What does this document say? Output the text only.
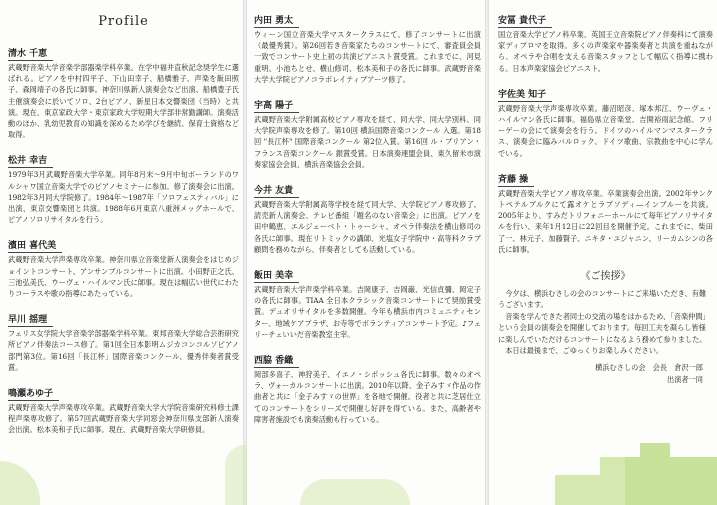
Profile
清水 千恵

武蔵野音楽大学音楽学部器楽学科卒業。在学中福井直秋記念奨学生に選ばれる。ピアノを中村四平子、下山田幸子、船橋雅子、声楽を飯田照子、森岡靖子の各氏に師事。神奈川県新人演奏会など出演、船橋豊子氏主催演奏会に於いてソロ、2台ピアノ、新星日本交響楽団（当時）と共演。現在、東京家政大学・東京家政大学短期大学部非常勤講師。演奏活動のほか、乳幼児教育の知識を深めるため学びを継続、保育士資格など取得。

松井 幸吉

1979年3月武蔵野音楽大学卒業。同年8月末～9月中旬ボーランドのワルシャワ国立音楽大学でのピアノセミナーに参加。修了演奏会に出演。1982年3月同大学院修了。1984年～1987年「ソロフェスティバル」に出演、東京交響楽団と共演。1988年6月東京八重洲メッグホールで、ピアノソロリサイタルを行う。

濱田 喜代美

武蔵野音楽大学声楽専攻卒業。神奈川県立音楽堂新人演奏会をはじめジョイントコンサート、アンサンブルコンサートに出演。小田野正之氏、三池弘美氏、ウーヴェ・ハイルマン氏に師事。現在は幅広い世代にわたりコーラスや歌の指導にあたっている。

早川 揺理

フェリス女学院大学音楽学部器楽学科卒業。東邦音楽大学総合芸術研究所ピアノ伴奏法コース修了。第1回全日本影明ムジカコンコルソピアノ部門第3位。第16回「長江杯」国際音楽コンクール、優秀伴奏者賞受賞。

鳴瀬あゆ子

武蔵野音楽大学声楽専攻卒業。武蔵野音楽大学大学院音楽研究科修士課程声楽専攻修了。第57回武蔵野音楽大学同窓会神奈川県支部新人演奏会出演。松本美和子氏に師事。現在、武蔵野音楽大学研修員。

内田 勇太

ウィーン国立音楽大学マスタークラスにて、修了コンサートに出演（最優秀賞）。第26回若き音楽家たちのコンサートにて、審査員会員一致でコンサート史上初の共演ピアニスト賞受賞。これまでに、河見重明、小池ちとせ、横山修司、松本美和子の各氏に師事。武蔵野音楽大学大学院ピアノコラボレイティブアーツ修了。

宇高 陽子

武蔵野音楽大学附属高校ピアノ専攻を経て、同大学、同大学別科、同大学院声楽専攻を修了。第10回 横浜国際音楽コンクール 入選。第18回 "長江杯" 国際音楽コンクール 第2位入賞。第16回 ル・ブリアン・フランス音楽コンクール 銀賞受賞。日本演奏連盟会員、東久留米市演奏家協会会員、横浜音楽協会会員。

今井 友貴

武蔵野音楽大学附属高等学校を経て同大学、大学院ピアノ専攻修了。読売新人演奏会、テレビ番組「題名のない音楽会」に出演。ピアノを田中鶴恵、エルジェーベト・トゥーシャ、オペラ伴奏法を横山修司の各氏に師事。現在リトミックの講師、光塩女子学院中・高等科クラブ顧問を務めながら、伴奏者としても活動している。

飯田 美幸

武蔵野音楽大学声楽学科卒業。吉岡康子、吉岡巌、光信貞彌、岡定子の各氏に師事。TIAA 全日本クラシック音楽コンサートにて奨励賞受賞。デュオリサイタルを多数開催。今年も横浜市内コミュニティセンター、地域ケアプラザ、お寺等でボランティアコンサート予定。♪フェリーチェいいだ音楽教室主宰。

西脇 香織

岡部多喜子、神狩美子、イエノ・シポッシュ各氏に師事。数々のオペラ、ヴォーカルコンサートに出演。2010年以降、金子みすゞ作品の作曲者と共に「金子みすゞの世界」を各地で開催。役者と共に芝居仕立てのコンサートをシリーズで開催し好評を得ている。また、高齢者や障害者施設でも演奏活動も行っている。

安冨 貴代子

国立音楽大学ピアノ科卒業、英国王立音楽院ピアノ伴奏科にて演奏家ディプロマを取得。多くの声楽家や器楽奏者と共演を重ねながら、オペラや合唱を支える音楽スタッフとして幅広く指導に携わる。日本声楽家協会ピアニスト。

宇佐美 知子

武蔵野音楽大学声楽専攻卒業。藤沼昭彦、塚本邦江、ウーヴェ・ハイルマン各氏に師事。福島県立音楽堂、吉開裕雨記念館、フリーゲーの会にて演奏会を行う。ドイツのハイルマンマスタークラス、演奏会に臨みバルロック、ドイツ歌曲、宗教曲を中心に学んでいる。

斉藤 操

武蔵野音楽大学ピアノ専攻卒業。卒業演奏会出演。2002年サンクトペテルブルクにて露オケとラプソディ―インブルーを共演。2005年より、すみだトリフォニーホールにて毎年ピアノリサイタルを行い、来年1月12日に22回目を開催予定。これまでに、柴田了一、林元子、加藤賢子、ニキタ・ユジャニン、リーカムシンの各氏に師事。

《ご挨拶》

今夕は、横浜むさしの会のコンサートにご来場いただき、有難うございます。

音楽を学んできた者同士の交流の場をはかるため、「音楽仲間」という会員の演奏会を開催しております。毎回工夫を凝らし皆様に楽しんでいただけるコンサートになるよう務めて参りました。

本日は最後まで、ごゆっくりお楽しみください。

横浜むさしの会　会長　倉沢一郎
出演者一同
